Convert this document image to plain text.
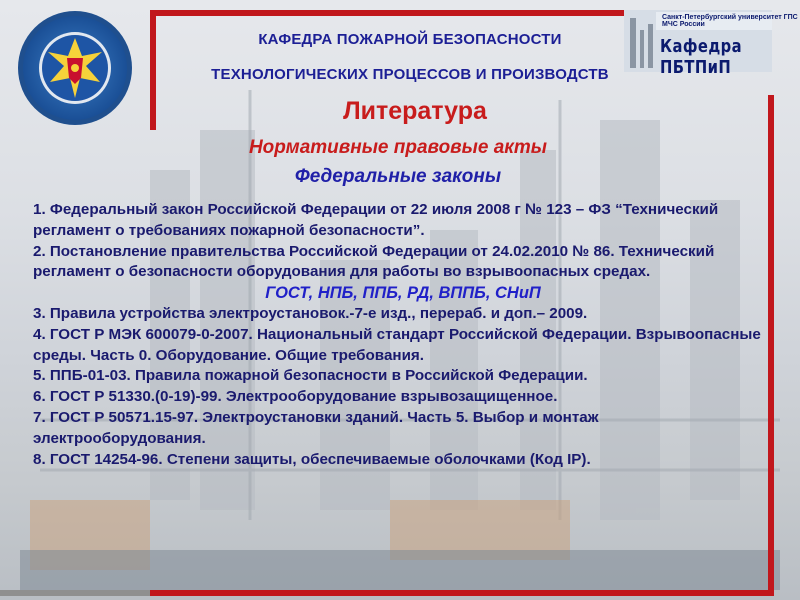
Санкт-Петербургский университет ГПС МЧС России
Кафедра ПБТПиП
КАФЕДРА ПОЖАРНОЙ БЕЗОПАСНОСТИ
ТЕХНОЛОГИЧЕСКИХ ПРОЦЕССОВ И ПРОИЗВОДСТВ
Литература
Нормативные правовые акты
Федеральные законы

1. Федеральный закон Российской Федерации от 22 июля 2008 г № 123 – ФЗ “Технический регламент о требованиях пожарной безопасности”.

2. Постановление правительства Российской Федерации от 24.02.2010 № 86. Технический регламент о безопасности оборудования для работы во взрывоопасных средах.

ГОСТ, НПБ, ППБ, РД, ВППБ, СНиП

3. Правила устройства электроустановок.-7-е изд., перераб. и доп.– 2009.

4. ГОСТ Р МЭК 600079-0-2007. Национальный стандарт Российской Федерации. Взрывоопасные среды. Часть 0. Оборудование. Общие требования.

5. ППБ-01-03. Правила пожарной безопасности в Российской Федерации.

6. ГОСТ Р 51330.(0-19)-99. Электрооборудование взрывозащищенное.

7. ГОСТ Р 50571.15-97. Электроустановки зданий. Часть 5. Выбор и монтаж электрооборудования.

8. ГОСТ 14254-96. Степени защиты, обеспечиваемые оболочками (Код IP).
